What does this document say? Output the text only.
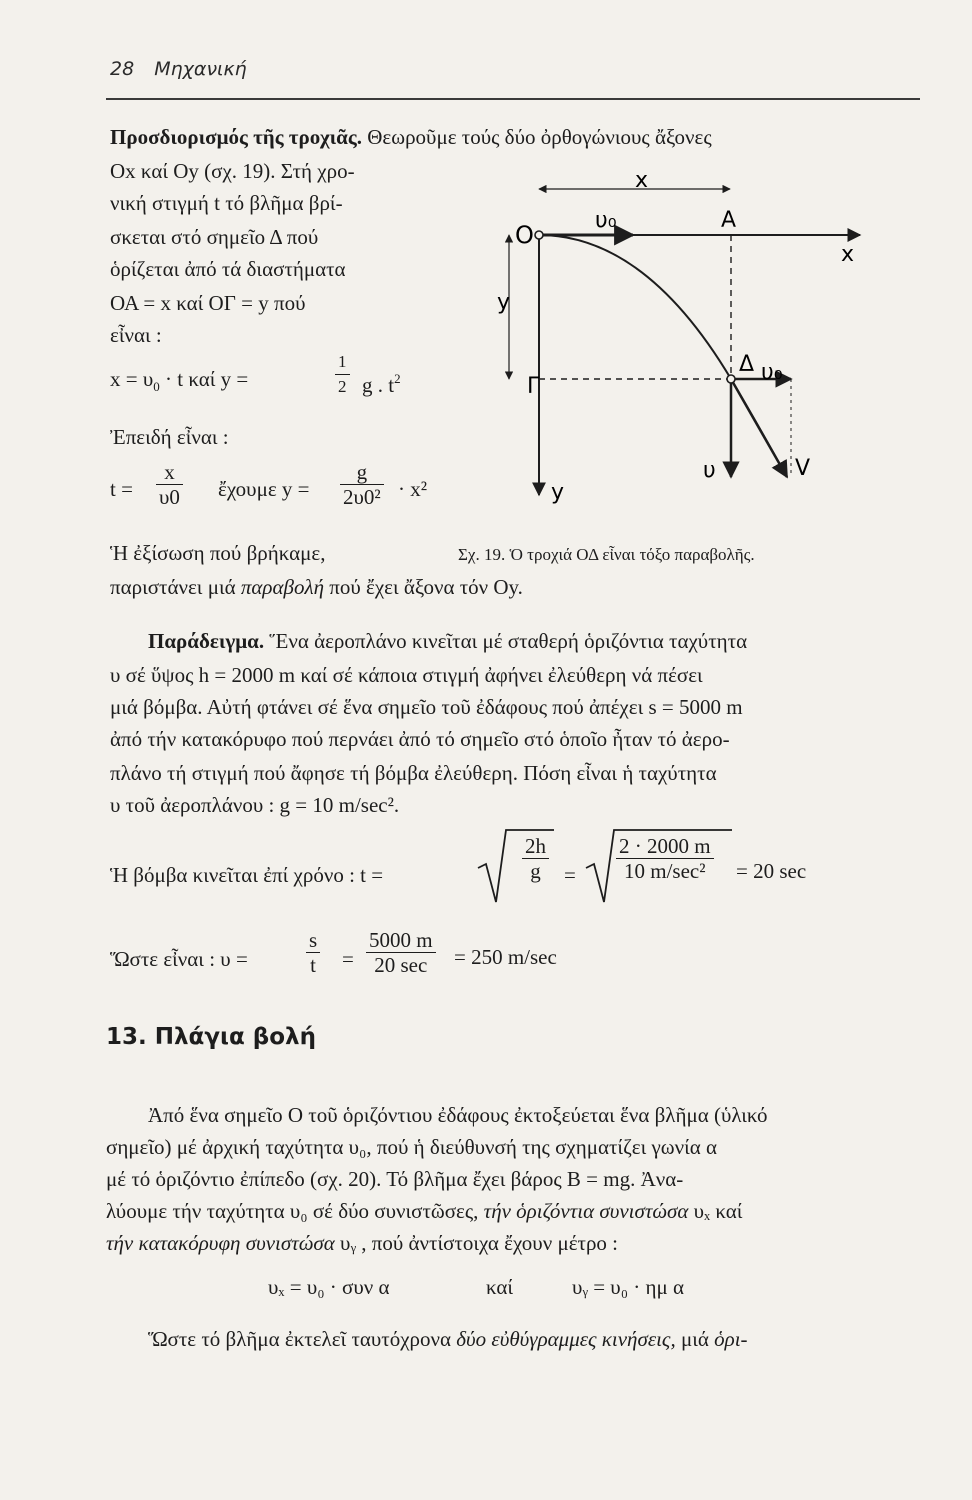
28 Μηχανική
Προσδιορισμός τῆς τροχιᾶς. Θεωροῦμε τούς δύο ὀρθογώνιους ἄξονες
Οx καί Οy (σχ. 19). Στή χρο-
νική στιγμή t τό βλῆμα βρί-
σκεται στό σημεῖο Δ πού
ὁρίζεται ἀπό τά διαστήματα
ΟΑ = x καί ΟΓ = y πού
εἶναι :
$x = \upsilon_0 \cdot t$ καί y =	$\frac{1}{2}$ g . $t^2$
Ἐπειδή εἶναι :
$t = \frac{x}{\upsilon 0}$ ἔχουμε $y = \frac{g}{\text{2υ0²}} \cdot x^2$
Ἡ ἐξίσωση πού βρήκαμε,
παριστάνει μιά παραβολή πού ἔχει ἄξονα τόν Οy.
Ο
υ₀	Α
x
x
y
Γ
Δ υ₀
υ	V
y
Σχ. 19. Ὁ τροχιά ΟΔ εἶναι τόξο παραβολῆς.
Παράδειγμα. Ἕνα ἀεροπλάνο κινεῖται μέ σταθερή ὁριζόντια ταχύτητα
υ σέ ὕψος h = 2000 m καί σέ κάποια στιγμή ἀφήνει ἐλεύθερη νά πέσει
μιά βόμβα. Αὐτή φτάνει σέ ἕνα σημεῖο τοῦ ἐδάφους πού ἀπέχει s = 5000 m
ἀπό τήν κατακόρυφο πού περνάει ἀπό τό σημεῖο στό ὁποῖο ἦταν τό ἀερο-
πλάνο τή στιγμή πού ἄφησε τή βόμβα ἐλεύθερη. Πόση εἶναι ἡ ταχύτητα
υ τοῦ ἀεροπλάνου : g = 10 m/sec².
Ἡ βόμβα κινεῖται ἐπί χρόνο : t =	$\frac{2h}{g}$ =
2 · 2000 m
10 m/sec²	= 20 sec
Ὥστε εἶναι : υ =	$\frac{s}{t}$ =
5000 m
20 sec	= 250 m/sec
13. Πλάγια βολή
Ἀπό ἕνα σημεῖο Ο τοῦ ὁριζόντιου ἐδάφους ἐκτοξεύεται ἕνα βλῆμα (ὑλικό
σημεῖο) μέ ἀρχική ταχύτητα υ₀, πού ἡ διεύθυνσή της σχηματίζει γωνία α
μέ τό ὁριζόντιο ἐπίπεδο (σχ. 20). Τό βλῆμα ἔχει βάρος Β = mg. Ἀνα-
λύουμε τήν ταχύτητα υ₀ σέ δύο συνιστῶσες, τήν ὁριζόντια συνιστώσα υₓ καί
τήν κατακόρυφη συνιστώσα υᵧ , πού ἀντίστοιχα ἔχουν μέτρο :
υₓ = υ₀ · συν α	καί	υᵧ = υ₀ · ημ α
Ὥστε τό βλῆμα ἐκτελεῖ ταυτόχρονα δύο εὐθύγραμμες κινήσεις, μιά ὁρι-
